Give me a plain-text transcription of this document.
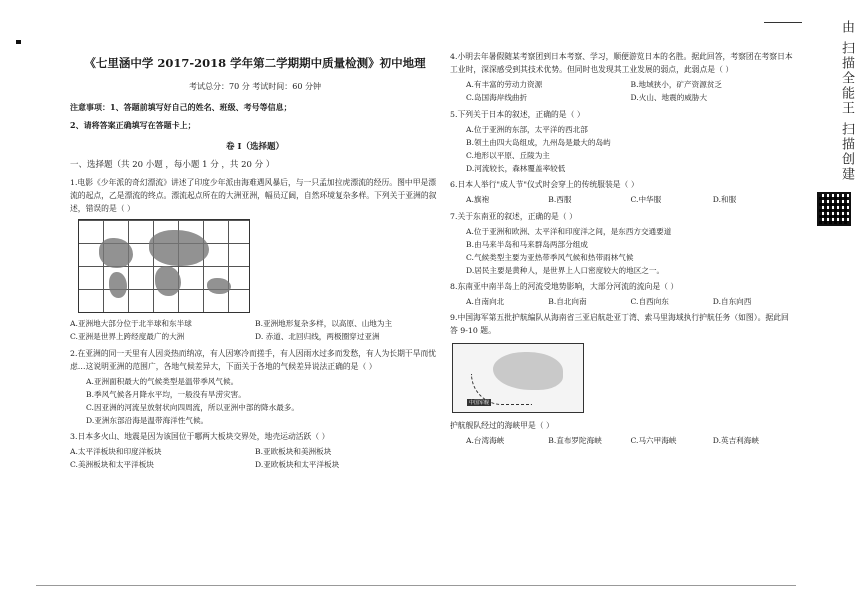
《七里涵中学 2017-2018 学年第二学期期中质量检测》初中地理

考试总分：70 分 考试时间：60 分钟

注意事项：1、答题前填写好自己的姓名、班级、考号等信息；

2、请将答案正确填写在答题卡上；

卷 I（选择题）

一、选择题（共 20 小题 ，每小题 1 分 ，共 20 分 ）

1.电影《少年派的奇幻漂流》讲述了印度少年派由海难遇风暴后，与一只孟加拉虎漂流的经历。图中甲是漂流的起点，乙是漂流的终点。漂流起点所在的大洲亚洲，幅员辽阔，自然环境复杂多样。下列关于亚洲的叙述，错误的是（ ）

A.亚洲地大部分位于北半球和东半球	B.亚洲地形复杂多样，以高原、山地为主
C.亚洲是世界上跨经度最广的大洲	D. 赤道、北回归线，两极圈穿过亚洲

2.在亚洲的同一天里有人因炎热而纳凉，有人因寒冷而搓手，有人因雨水过多而发愁，有人为长期干旱而忧虑…这说明亚洲的范围广，各地气候差异大，下面关于各地的气候差异说法正确的是（ ）

A.亚洲面积最大的气候类型是温带季风气候。

B.季风气候各月降水平均，一般没有旱涝灾害。

C.因亚洲的河流呈放射状向四周流，所以亚洲中部的降水最多。

D.亚洲东部沿海是温带海洋性气候。

3.日本多火山、地震是因为该国位于哪两大板块交界处，地壳运动活跃（ ）

A.太平洋板块和印度洋板块	B.亚欧板块和美洲板块
C.美洲板块和太平洋板块	D.亚欧板块和太平洋板块

4.小明去年暑假随某考察团到日本考察、学习，顺便游览日本的名胜。据此回答，考察团在考察日本工业时，深深感受到其技术优势。但同时也发现其工业发展的弱点，此弱点是（ ）

A.有丰富的劳动力资源	B.地域狭小，矿产资源贫乏
C.岛国海岸线曲折	D.火山、地震的威胁大

5.下列关于日本的叙述，正确的是（ ）

A.位于亚洲的东部，太平洋的西北部

B.领土由四大岛组成，九州岛是最大的岛屿

C.地形以平原、丘陵为主

D.河流较长，森林覆盖率较低

6.日本人举行"成人节"仪式时会穿上的传统服装是（ ）

A.旗袍	B.西服	C.中华服	D.和服

7.关于东南亚的叙述，正确的是（ ）

A.位于亚洲和欧洲、太平洋和印度洋之间，是东西方交通要道

B.由马来半岛和马来群岛两部分组成

C.气候类型主要为亚热带季风气候和热带雨林气候

D.居民主要是黄种人，是世界上人口密度较大的地区之一。

8.东南亚中南半岛上的河流受地势影响，大部分河流的流向是（ ）

A.自南向北	B.自北向南	C.自西向东	D.自东向西

9.中国海军第五批护航编队从海南省三亚启航赴亚丁湾、索马里海域执行护航任务（如图）。据此回答 9-10 题。

中国军舰

护航舰队经过的海峡甲是（ ）

A.台湾海峡	B.直布罗陀海峡	C.马六甲海峡	D.英吉利海峡
由 扫描全能王 扫描创建
